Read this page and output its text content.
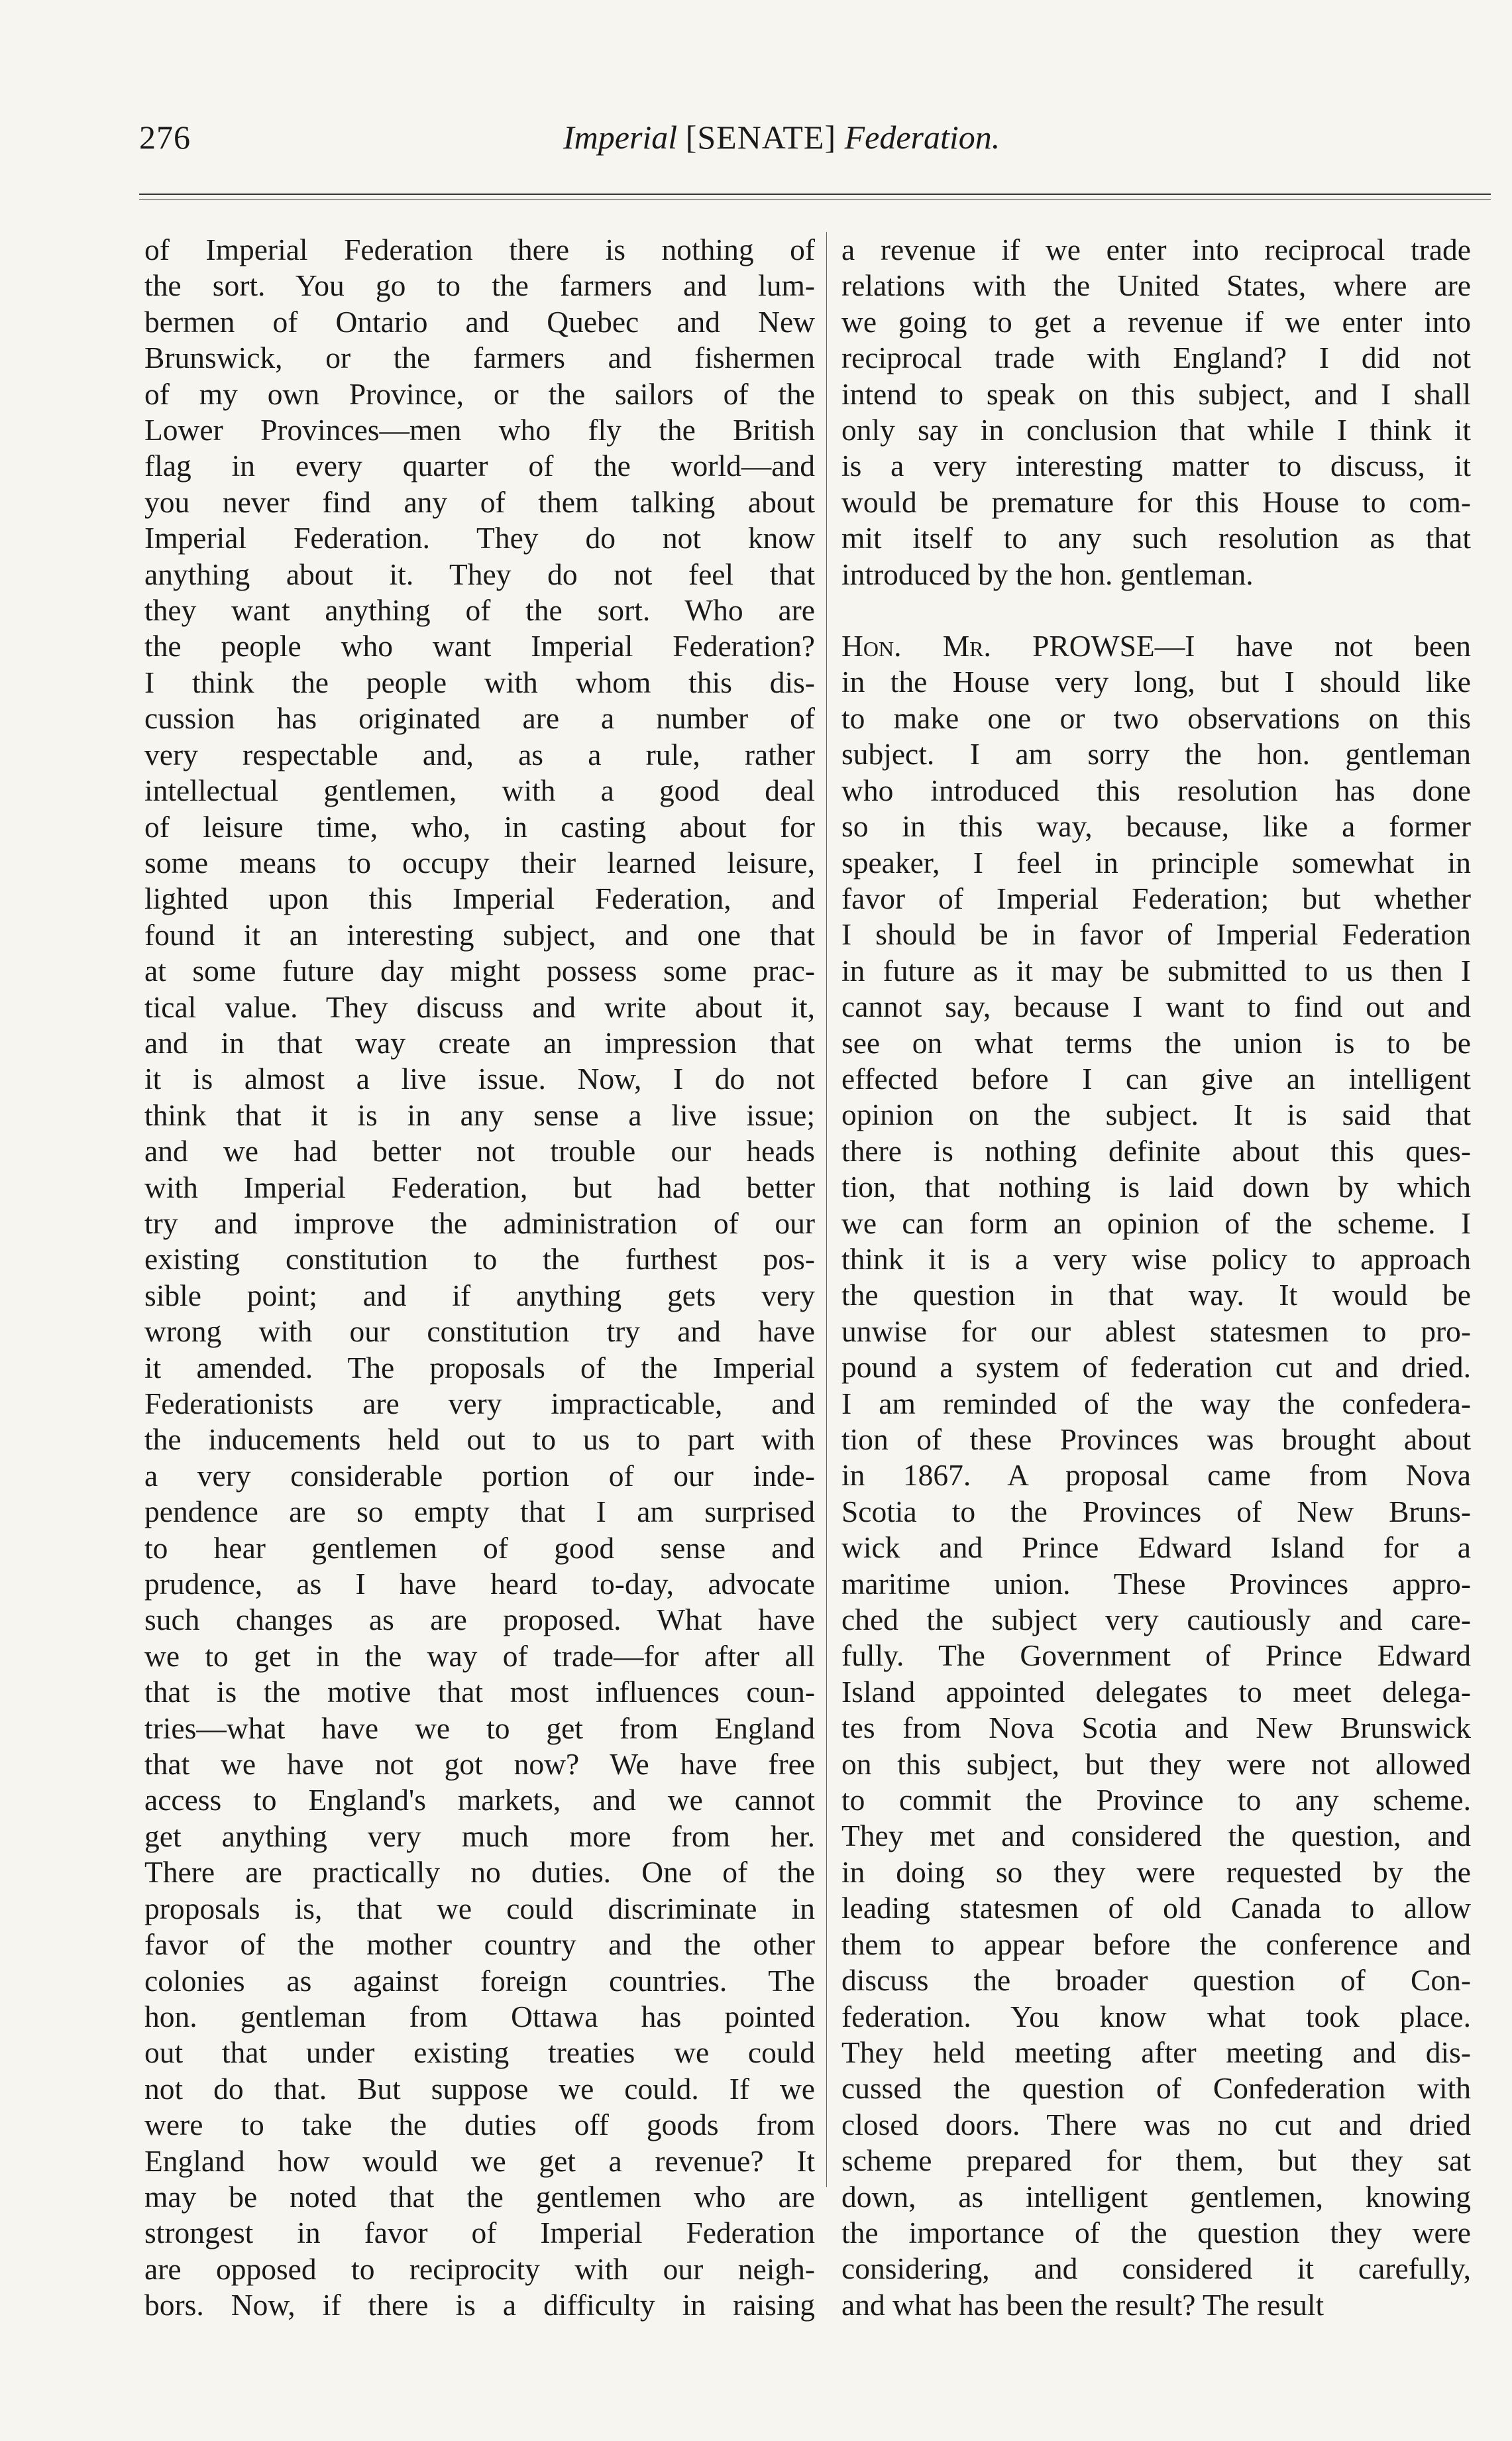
276	Imperial [SENATE] Federation.
of Imperial Federation there is nothing of
the sort. You go to the farmers and lum-
bermen of Ontario and Quebec and New
Brunswick, or the farmers and fishermen
of my own Province, or the sailors of the
Lower Provinces—men who fly the British
flag in every quarter of the world—and
you never find any of them talking about
Imperial Federation. They do not know
anything about it. They do not feel that
they want anything of the sort. Who are
the people who want Imperial Federation?
I think the people with whom this dis-
cussion has originated are a number of
very respectable and, as a rule, rather
intellectual gentlemen, with a good deal
of leisure time, who, in casting about for
some means to occupy their learned leisure,
lighted upon this Imperial Federation, and
found it an interesting subject, and one that
at some future day might possess some prac-
tical value. They discuss and write about it,
and in that way create an impression that
it is almost a live issue. Now, I do not
think that it is in any sense a live issue;
and we had better not trouble our heads
with Imperial Federation, but had better
try and improve the administration of our
existing constitution to the furthest pos-
sible point; and if anything gets very
wrong with our constitution try and have
it amended. The proposals of the Imperial
Federationists are very impracticable, and
the inducements held out to us to part with
a very considerable portion of our inde-
pendence are so empty that I am surprised
to hear gentlemen of good sense and
prudence, as I have heard to-day, advocate
such changes as are proposed. What have
we to get in the way of trade—for after all
that is the motive that most influences coun-
tries—what have we to get from England
that we have not got now? We have free
access to England's markets, and we cannot
get anything very much more from her.
There are practically no duties. One of the
proposals is, that we could discriminate in
favor of the mother country and the other
colonies as against foreign countries. The
hon. gentleman from Ottawa has pointed
out that under existing treaties we could
not do that. But suppose we could. If we
were to take the duties off goods from
England how would we get a revenue? It
may be noted that the gentlemen who are
strongest in favor of Imperial Federation
are opposed to reciprocity with our neigh-
bors. Now, if there is a difficulty in raising

a revenue if we enter into reciprocal trade
relations with the United States, where are
we going to get a revenue if we enter into
reciprocal trade with England? I did not
intend to speak on this subject, and I shall
only say in conclusion that while I think it
is a very interesting matter to discuss, it
would be premature for this House to com-
mit itself to any such resolution as that
introduced by the hon. gentleman.

Hon. Mr. PROWSE—I have not been
in the House very long, but I should like
to make one or two observations on this
subject. I am sorry the hon. gentleman
who introduced this resolution has done
so in this way, because, like a former
speaker, I feel in principle somewhat in
favor of Imperial Federation; but whether
I should be in favor of Imperial Federation
in future as it may be submitted to us then I
cannot say, because I want to find out and
see on what terms the union is to be
effected before I can give an intelligent
opinion on the subject. It is said that
there is nothing definite about this ques-
tion, that nothing is laid down by which
we can form an opinion of the scheme. I
think it is a very wise policy to approach
the question in that way. It would be
unwise for our ablest statesmen to pro-
pound a system of federation cut and dried.
I am reminded of the way the confedera-
tion of these Provinces was brought about
in 1867. A proposal came from Nova
Scotia to the Provinces of New Bruns-
wick and Prince Edward Island for a
maritime union. These Provinces appro-
ched the subject very cautiously and care-
fully. The Government of Prince Edward
Island appointed delegates to meet delega-
tes from Nova Scotia and New Brunswick
on this subject, but they were not allowed
to commit the Province to any scheme.
They met and considered the question, and
in doing so they were requested by the
leading statesmen of old Canada to allow
them to appear before the conference and
discuss the broader question of Con-
federation. You know what took place.
They held meeting after meeting and dis-
cussed the question of Confederation with
closed doors. There was no cut and dried
scheme prepared for them, but they sat
down, as intelligent gentlemen, knowing
the importance of the question they were
considering, and considered it carefully,
and what has been the result? The result
